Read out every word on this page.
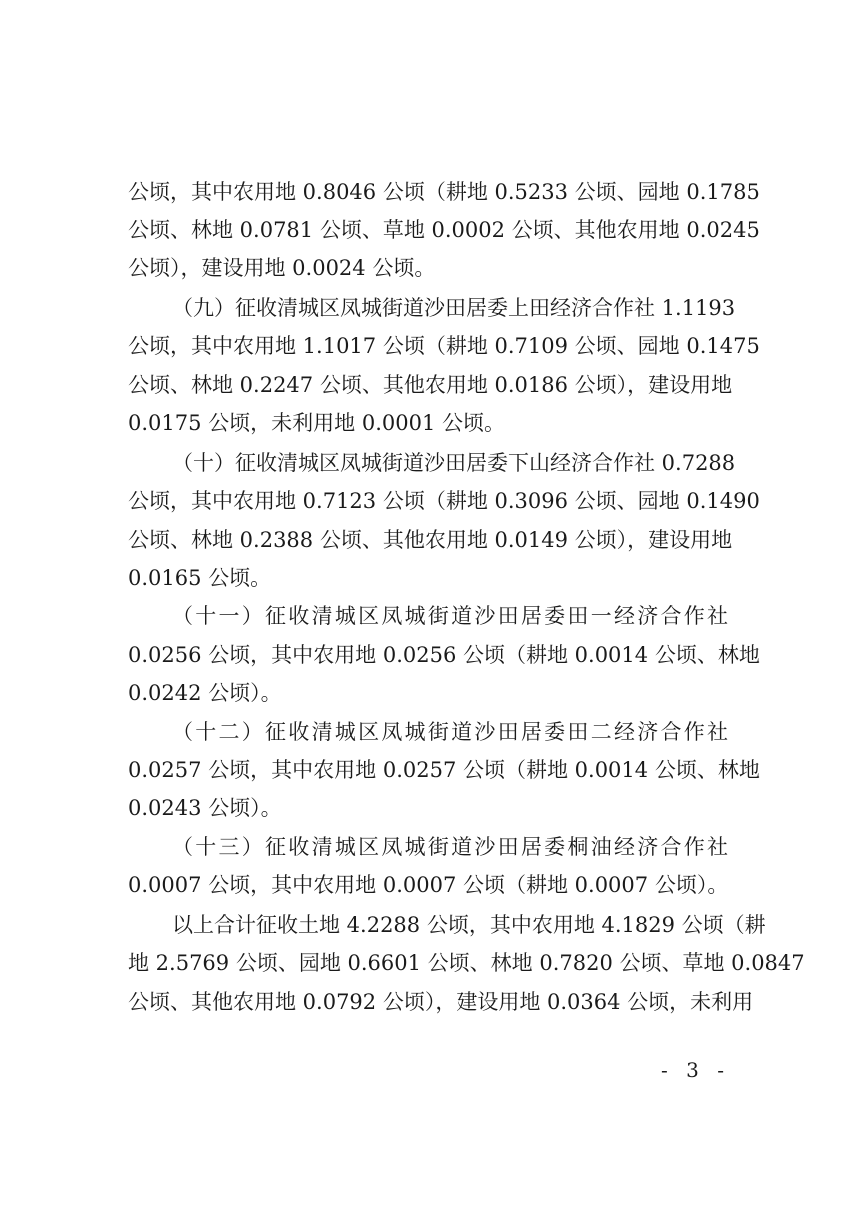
公顷，其中农用地 0.8046 公顷（耕地 0.5233 公顷、园地 0.1785
公顷、林地 0.0781 公顷、草地 0.0002 公顷、其他农用地 0.0245
公顷），建设用地 0.0024 公顷。
（九）征收清城区凤城街道沙田居委上田经济合作社 1.1193
公顷，其中农用地 1.1017 公顷（耕地 0.7109 公顷、园地 0.1475
公顷、林地 0.2247 公顷、其他农用地 0.0186 公顷），建设用地
0.0175 公顷，未利用地 0.0001 公顷。
（十）征收清城区凤城街道沙田居委下山经济合作社 0.7288
公顷，其中农用地 0.7123 公顷（耕地 0.3096 公顷、园地 0.1490
公顷、林地 0.2388 公顷、其他农用地 0.0149 公顷），建设用地
0.0165 公顷。
（十一）征收清城区凤城街道沙田居委田一经济合作社
0.0256 公顷，其中农用地 0.0256 公顷（耕地 0.0014 公顷、林地
0.0242 公顷）。
（十二）征收清城区凤城街道沙田居委田二经济合作社
0.0257 公顷，其中农用地 0.0257 公顷（耕地 0.0014 公顷、林地
0.0243 公顷）。
（十三）征收清城区凤城街道沙田居委桐油经济合作社
0.0007 公顷，其中农用地 0.0007 公顷（耕地 0.0007 公顷）。
以上合计征收土地 4.2288 公顷，其中农用地 4.1829 公顷（耕
地 2.5769 公顷、园地 0.6601 公顷、林地 0.7820 公顷、草地 0.0847
公顷、其他农用地 0.0792 公顷），建设用地 0.0364 公顷，未利用
- 3 -
